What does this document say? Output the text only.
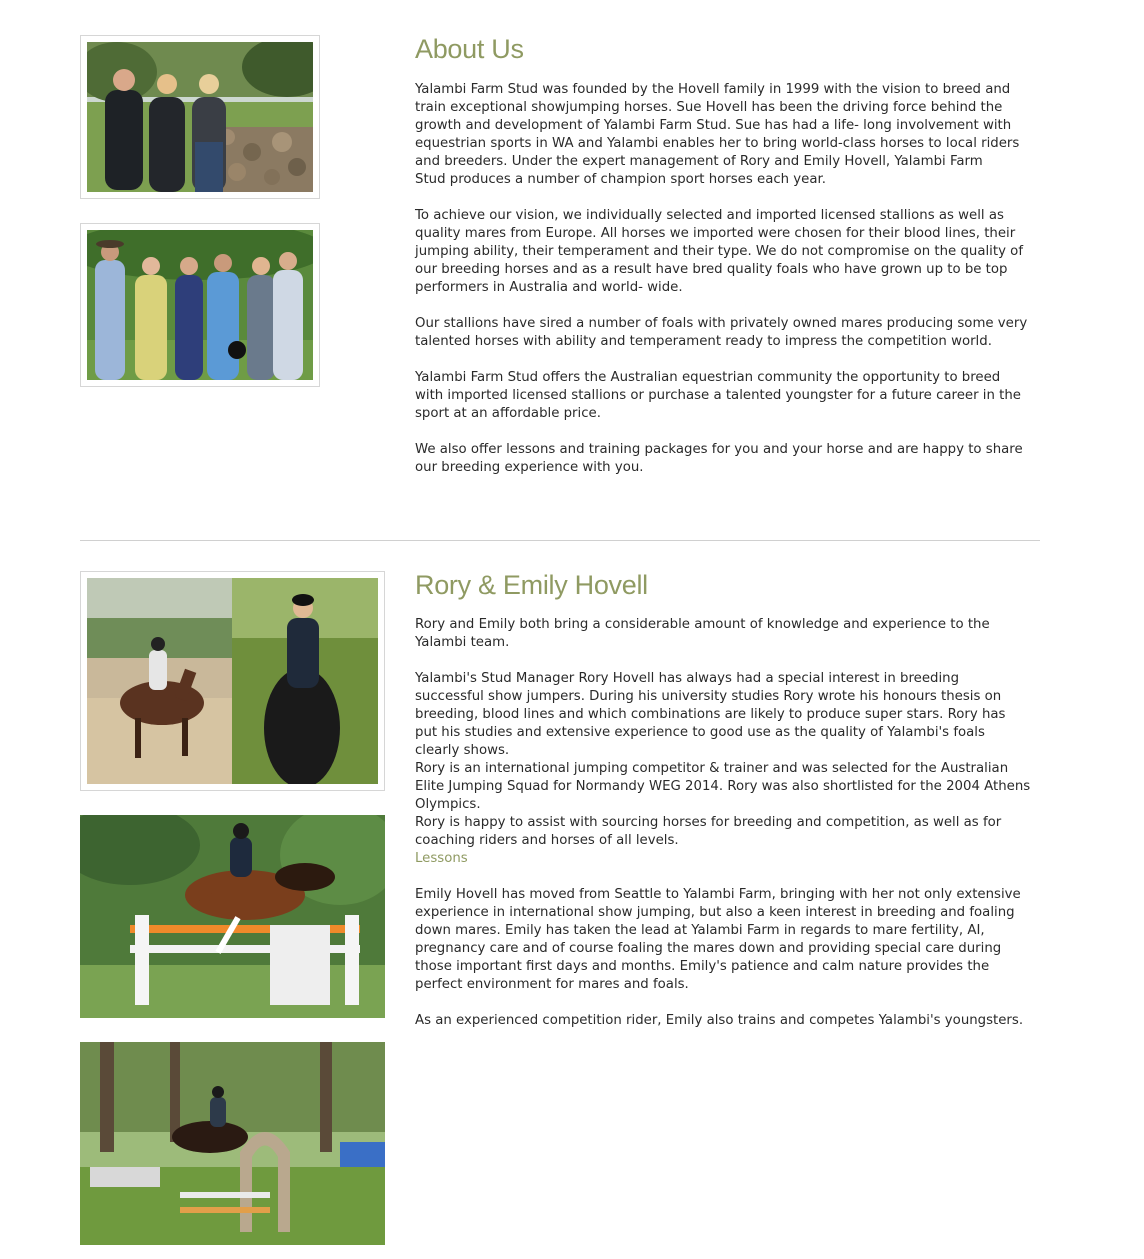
About Us

Yalambi Farm Stud was founded by the Hovell family in 1999 with the vision to breed and
train exceptional showjumping horses. Sue Hovell has been the driving force behind the
growth and development of Yalambi Farm Stud. Sue has had a life- long involvement with
equestrian sports in WA and Yalambi enables her to bring world-class horses to local riders
and breeders. Under the expert management of Rory and Emily Hovell, Yalambi Farm
Stud produces a number of champion sport horses each year.

To achieve our vision, we individually selected and imported licensed stallions as well as
quality mares from Europe. All horses we imported were chosen for their blood lines, their
jumping ability, their temperament and their type. We do not compromise on the quality of
our breeding horses and as a result have bred quality foals who have grown up to be top
performers in Australia and world- wide.

Our stallions have sired a number of foals with privately owned mares producing some very
talented horses with ability and temperament ready to impress the competition world.

Yalambi Farm Stud offers the Australian equestrian community the opportunity to breed
with imported licensed stallions or purchase a talented youngster for a future career in the
sport at an affordable price.

We also offer lessons and training packages for you and your horse and are happy to share
our breeding experience with you.

Rory & Emily Hovell

Rory and Emily both bring a considerable amount of knowledge and experience to the
Yalambi team.

Yalambi's Stud Manager Rory Hovell has always had a special interest in breeding
successful show jumpers. During his university studies Rory wrote his honours thesis on
breeding, blood lines and which combinations are likely to produce super stars. Rory has
put his studies and extensive experience to good use as the quality of Yalambi's foals
clearly shows.
Rory is an international jumping competitor & trainer and was selected for the Australian
Elite Jumping Squad for Normandy WEG 2014. Rory was also shortlisted for the 2004 Athens
Olympics.
Rory is happy to assist with sourcing horses for breeding and competition, as well as for
coaching riders and horses of all levels.

Lessons

Emily Hovell has moved from Seattle to Yalambi Farm, bringing with her not only extensive
experience in international show jumping, but also a keen interest in breeding and foaling
down mares. Emily has taken the lead at Yalambi Farm in regards to mare fertility, AI,
pregnancy care and of course foaling the mares down and providing special care during
those important first days and months. Emily's patience and calm nature provides the
perfect environment for mares and foals.

As an experienced competition rider, Emily also trains and competes Yalambi's youngsters.
